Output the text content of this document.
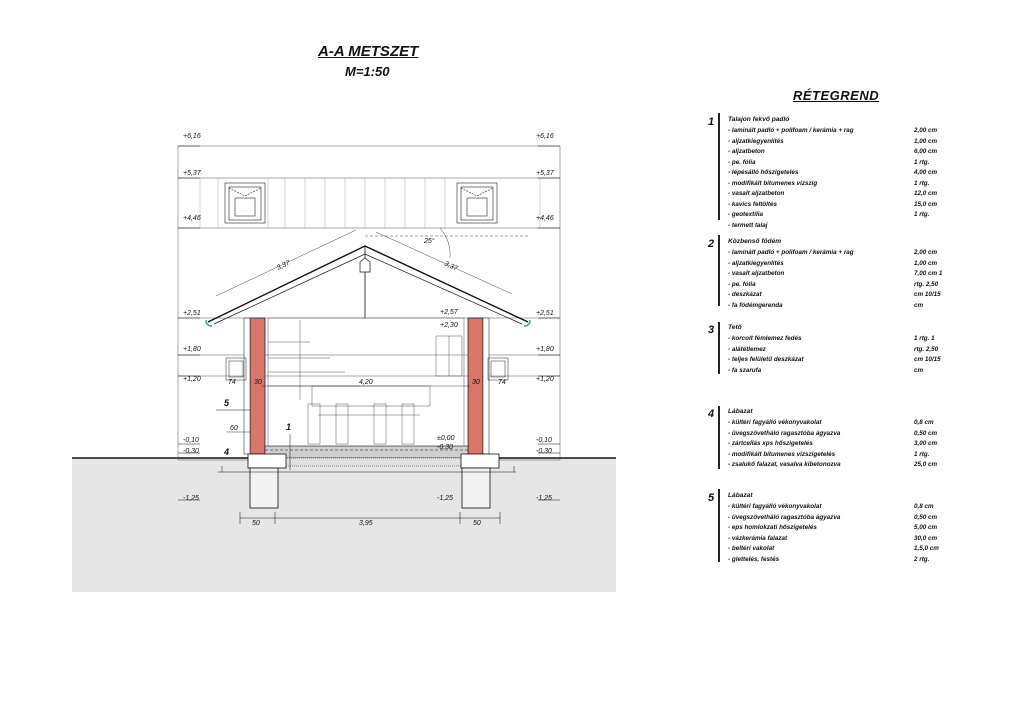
A-A METSZET
M=1:50
3,37	3,37
25°
+6,16
+5,37
+4,46
+2,51
+1,80
+1,20
-0,10
-0,30
-1,25
+6,16
+5,37
+4,46
+2,51
+1,80
+1,20
-0,10
-0,30
-1,25
+2,57
+2,30
±0,00
-0,30
-1,25
4,20
30	30
74	74
60
50	3,95	50
5
1
4
RÉTEGREND
1 Talajon fekvő padló
- laminált padló + polifoam / kerámia + rag	2,00 cm
- aljzatkiegyenlítés	1,00 cm
- aljzatbeton	6,00 cm
- pe. fólia	1 rtg.
- lépésálló hőszigetelés	4,00 cm
- modifikált bitumenes vízszig	1 rtg.
- vasalt aljzatbeton	12,0 cm
- kavics feltöltés	15,0 cm
- geotextília	1 rtg.
- termett talaj
2 Közbenső födém
- laminált padló + polifoam / kerámia + rag	2,00 cm
- aljzatkiegyenlítés	1,00 cm
- vasalt aljzatbeton	7,00 cm 1
- pe. fólia	rtg. 2,50
- deszkázat	cm 10/15
- fa födémgerenda	cm
3 Tető
- korcolt fémlemez fedés	1 rtg. 1
- alátétlemez	rtg. 2,50
- teljes felületű deszkázat	cm 10/15
- fa szarufa	cm
4 Lábazat
- kültéri fagyálló vékonyvakolat	0,8 cm
- üvegszövetháló ragasztóba ágyazva	0,50 cm
- zártcellás xps hőszigetelés	3,00 cm
- modifikált bitumenes vízszigetelés	1 rtg.
- zsalukő falazat, vasalva kibetonozva	25,0 cm
5 Lábazat
- kültéri fagyálló vékonyvakolat	0,8 cm
- üvegszövetháló ragasztóba ágyazva	0,50 cm
- eps homlokzati hőszigetelés	5,00 cm
- vázkerámia falazat	30,0 cm
- beltéri vakolat	1,5,0 cm
- glettelés, festés	2 rtg.
